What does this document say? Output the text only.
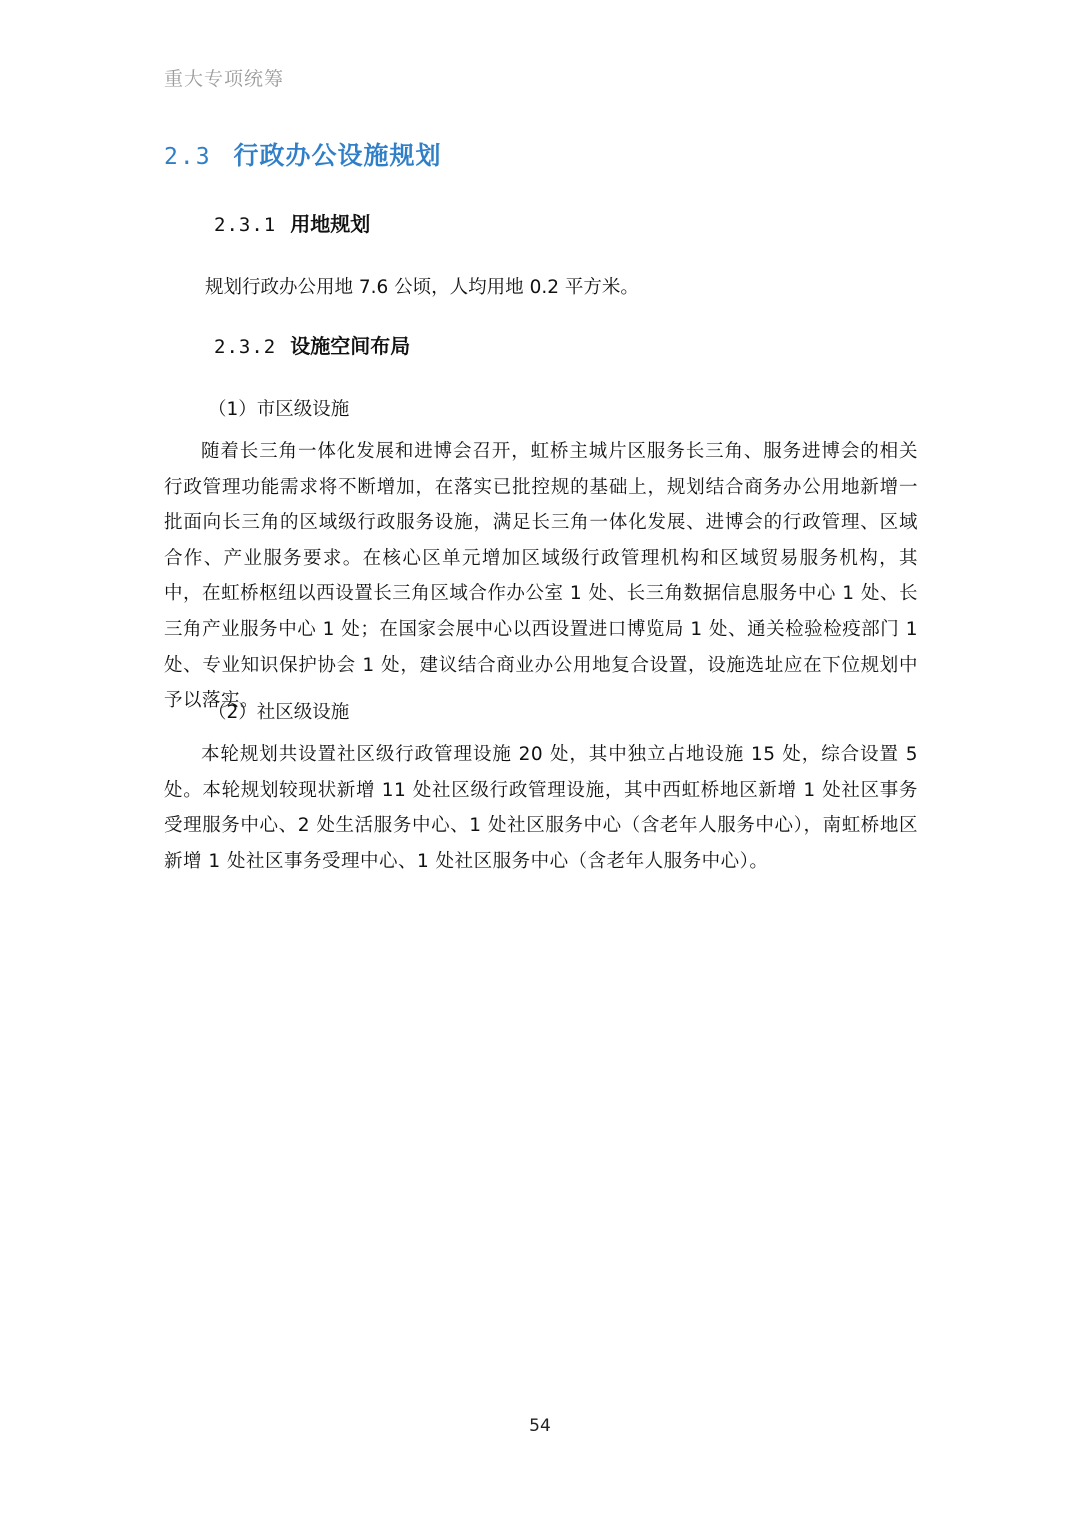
重大专项统筹
2.3 行政办公设施规划
2.3.1 用地规划
规划行政办公用地 7.6 公顷，人均用地 0.2 平方米。
2.3.2 设施空间布局
（1）市区级设施

随着长三角一体化发展和进博会召开，虹桥主城片区服务长三角、服务进博会的相关行政管理功能需求将不断增加，在落实已批控规的基础上，规划结合商务办公用地新增一批面向长三角的区域级行政服务设施，满足长三角一体化发展、进博会的行政管理、区域合作、产业服务要求。在核心区单元增加区域级行政管理机构和区域贸易服务机构，其中，在虹桥枢纽以西设置长三角区域合作办公室 1 处、长三角数据信息服务中心 1 处、长三角产业服务中心 1 处；在国家会展中心以西设置进口博览局 1 处、通关检验检疫部门 1 处、专业知识保护协会 1 处，建议结合商业办公用地复合设置，设施选址应在下位规划中予以落实。

（2）社区级设施

本轮规划共设置社区级行政管理设施 20 处，其中独立占地设施 15 处，综合设置 5 处。本轮规划较现状新增 11 处社区级行政管理设施，其中西虹桥地区新增 1 处社区事务受理服务中心、2 处生活服务中心、1 处社区服务中心（含老年人服务中心），南虹桥地区新增 1 处社区事务受理中心、1 处社区服务中心（含老年人服务中心）。

54
